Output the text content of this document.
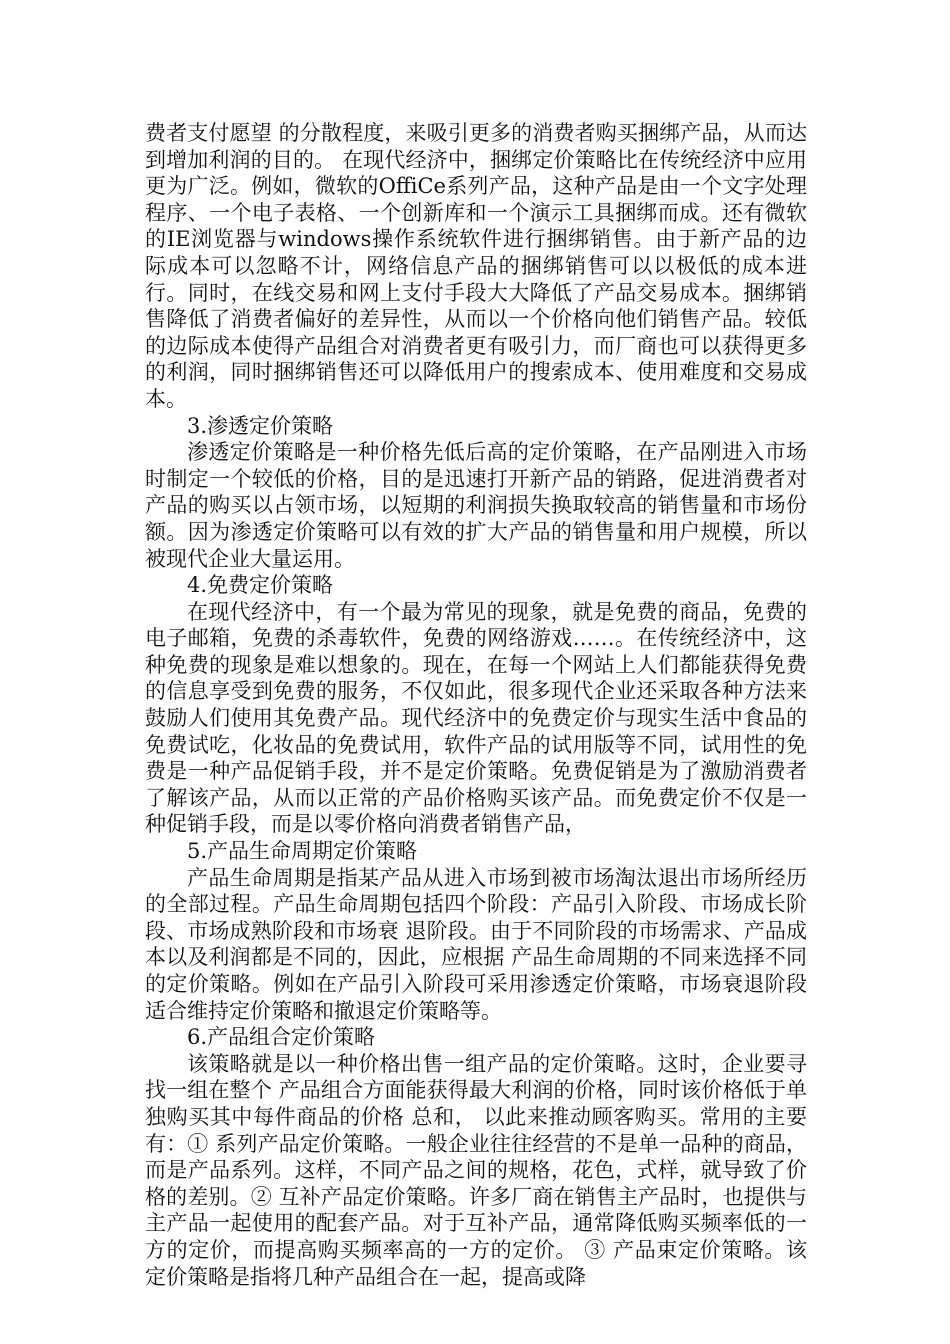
费者支付愿望 的分散程度，来吸引更多的消费者购买捆绑产品，从而达到增加利润的目的。 在现代经济中，捆绑定价策略比在传统经济中应用更为广泛。例如，微软的OffiCe系列产品，这种产品是由一个文字处理程序、一个电子表格、一个创新库和一个演示工具捆绑而成。还有微软的IE浏览器与windows操作系统软件进行捆绑销售。由于新产品的边际成本可以忽略不计，网络信息产品的捆绑销售可以以极低的成本进行。同时，在线交易和网上支付手段大大降低了产品交易成本。捆绑销售降低了消费者偏好的差异性，从而以一个价格向他们销售产品。较低的边际成本使得产品组合对消费者更有吸引力，而厂商也可以获得更多的利润，同时捆绑销售还可以降低用户的搜索成本、使用难度和交易成本。

3.渗透定价策略

渗透定价策略是一种价格先低后高的定价策略，在产品刚进入市场时制定一个较低的价格，目的是迅速打开新产品的销路，促进消费者对产品的购买以占领市场，以短期的利润损失换取较高的销售量和市场份额。因为渗透定价策略可以有效的扩大产品的销售量和用户规模，所以被现代企业大量运用。

4.免费定价策略

在现代经济中，有一个最为常见的现象，就是免费的商品，免费的电子邮箱，免费的杀毒软件，免费的网络游戏……。在传统经济中，这种免费的现象是难以想象的。现在，在每一个网站上人们都能获得免费的信息享受到免费的服务，不仅如此，很多现代企业还采取各种方法来鼓励人们使用其免费产品。现代经济中的免费定价与现实生活中食品的免费试吃，化妆品的免费试用，软件产品的试用版等不同，试用性的免费是一种产品促销手段，并不是定价策略。免费促销是为了激励消费者了解该产品，从而以正常的产品价格购买该产品。而免费定价不仅是一种促销手段，而是以零价格向消费者销售产品，

5.产品生命周期定价策略

产品生命周期是指某产品从进入市场到被市场淘汰退出市场所经历的全部过程。产品生命周期包括四个阶段：产品引入阶段、市场成长阶段、市场成熟阶段和市场衰 退阶段。由于不同阶段的市场需求、产品成本以及利润都是不同的，因此，应根据 产品生命周期的不同来选择不同的定价策略。例如在产品引入阶段可采用渗透定价策略，市场衰退阶段适合维持定价策略和撤退定价策略等。

6.产品组合定价策略

该策略就是以一种价格出售一组产品的定价策略。这时，企业要寻找一组在整个 产品组合方面能获得最大利润的价格，同时该价格低于单独购买其中每件商品的价格 总和， 以此来推动顾客购买。常用的主要有：① 系列产品定价策略。一般企业往往经营的不是单一品种的商品，而是产品系列。这样，不同产品之间的规格，花色，式样，就导致了价格的差别。② 互补产品定价策略。许多厂商在销售主产品时，也提供与主产品一起使用的配套产品。对于互补产品，通常降低购买频率低的一方的定价，而提高购买频率高的一方的定价。 ③ 产品束定价策略。该定价策略是指将几种产品组合在一起，提高或降
